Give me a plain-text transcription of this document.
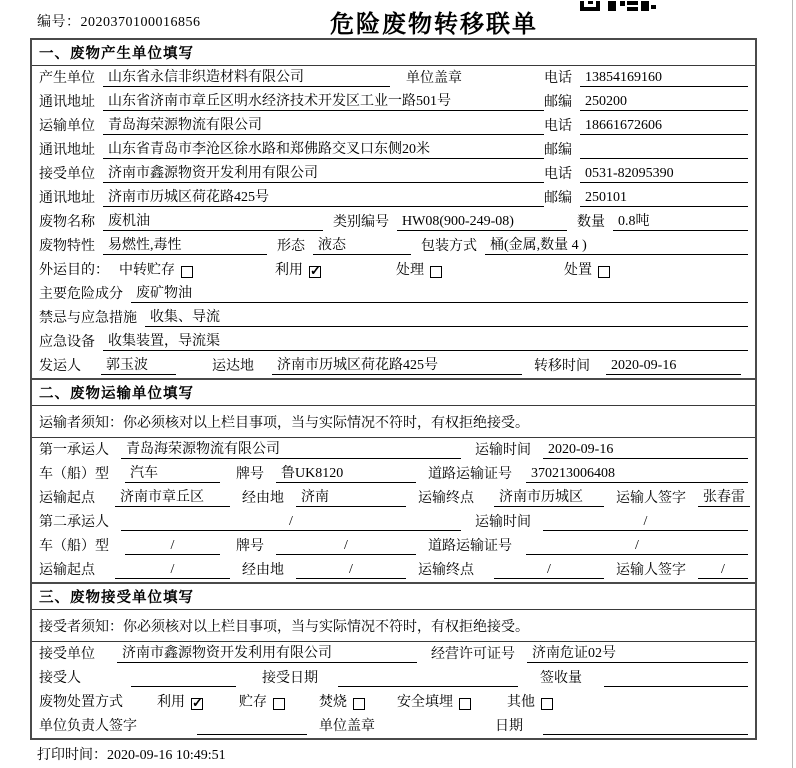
编号：2020370100016856	危险废物转移联单
一、废物产生单位填写
产生单位 山东省永信非织造材料有限公司	单位盖章	电话 13854169160
通讯地址 山东省济南市章丘区明水经济技术开发区工业一路501号	邮编 250200
运输单位 青岛海荣源物流有限公司	电话 18661672606
通讯地址 山东省青岛市李沧区徐水路和郑佛路交叉口东侧20米	邮编
接受单位 济南市鑫源物资开发利用有限公司	电话 0531-82095390
通讯地址 济南市历城区荷花路425号	邮编 250101
废物名称 废机油	类别编号 HW08(900-249-08)	数量 0.8吨
废物特性 易燃性,毒性	形态 液态	包装方式 桶(金属,数量 4 )
外运目的： 中转贮存	利用 ✓	处理	处置
主要危险成分 废矿物油
禁忌与应急措施 收集、导流
应急设备 收集装置，导流渠
发运人	郭玉波	运达地	济南市历城区荷花路425号	转移时间	2020-09-16
二、废物运输单位填写
运输者须知：你必须核对以上栏目事项，当与实际情况不符时，有权拒绝接受。
第一承运人	青岛海荣源物流有限公司	运输时间	2020-09-16
车（船）型	汽车	牌号	鲁UK8120	道路运输证号	370213006408
运输起点	济南市章丘区	经由地	济南	运输终点	济南市历城区	运输人签字	张春雷
第二承运人	/	运输时间	/
车（船）型	/	牌号	/	道路运输证号	/
运输起点	/	经由地	/	运输终点	/	运输人签字	/
三、废物接受单位填写
接受者须知：你必须核对以上栏目事项，当与实际情况不符时，有权拒绝接受。
接受单位	济南市鑫源物资开发利用有限公司	经营许可证号	济南危证02号
接受人	接受日期	签收量
废物处置方式 利用 ✓	贮存	焚烧	安全填埋	其他
单位负责人签字	单位盖章	日期
打印时间：2020-09-16 10:49:51
